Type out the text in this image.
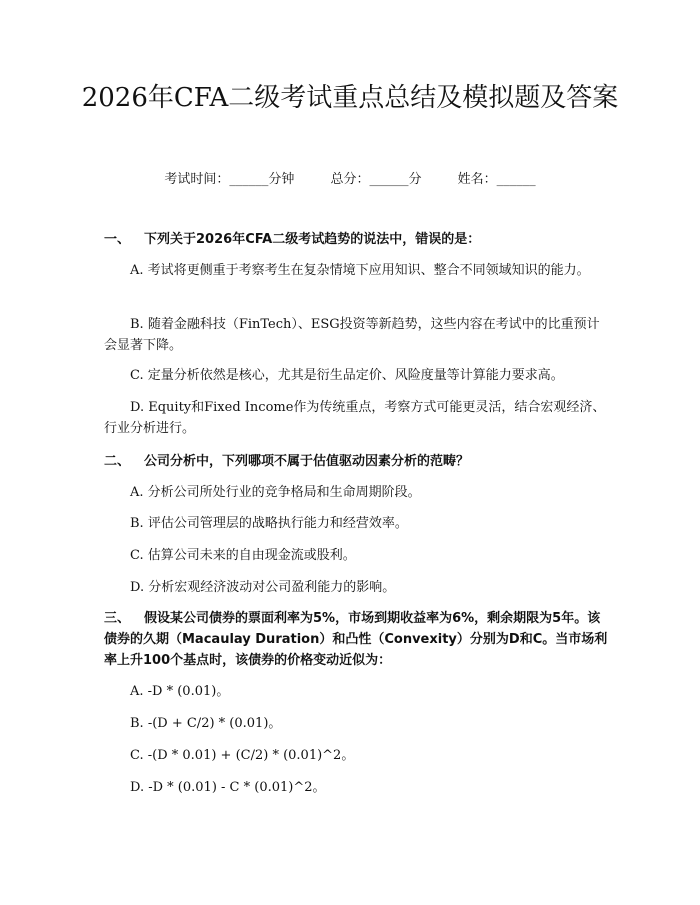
2026年CFA二级考试重点总结及模拟题及答案
考试时间：______分钟	总分：______分	姓名：______
一、 下列关于2026年CFA二级考试趋势的说法中，错误的是：
A. 考试将更侧重于考察考生在复杂情境下应用知识、整合不同领域知识的能力。
B. 随着金融科技（FinTech）、ESG投资等新趋势，这些内容在考试中的比重预计会显著下降。
C. 定量分析依然是核心，尤其是衍生品定价、风险度量等计算能力要求高。
D. Equity和Fixed Income作为传统重点，考察方式可能更灵活，结合宏观经济、行业分析进行。
二、 公司分析中，下列哪项不属于估值驱动因素分析的范畴？
A. 分析公司所处行业的竞争格局和生命周期阶段。
B. 评估公司管理层的战略执行能力和经营效率。
C. 估算公司未来的自由现金流或股利。
D. 分析宏观经济波动对公司盈利能力的影响。
三、 假设某公司债券的票面利率为5%，市场到期收益率为6%，剩余期限为5年。该债券的久期（Macaulay Duration）和凸性（Convexity）分别为D和C。当市场利率上升100个基点时，该债券的价格变动近似为：
A. -D * (0.01)。
B. -(D + C/2) * (0.01)。
C. -(D * 0.01) + (C/2) * (0.01)^2。
D. -D * (0.01) - C * (0.01)^2。
